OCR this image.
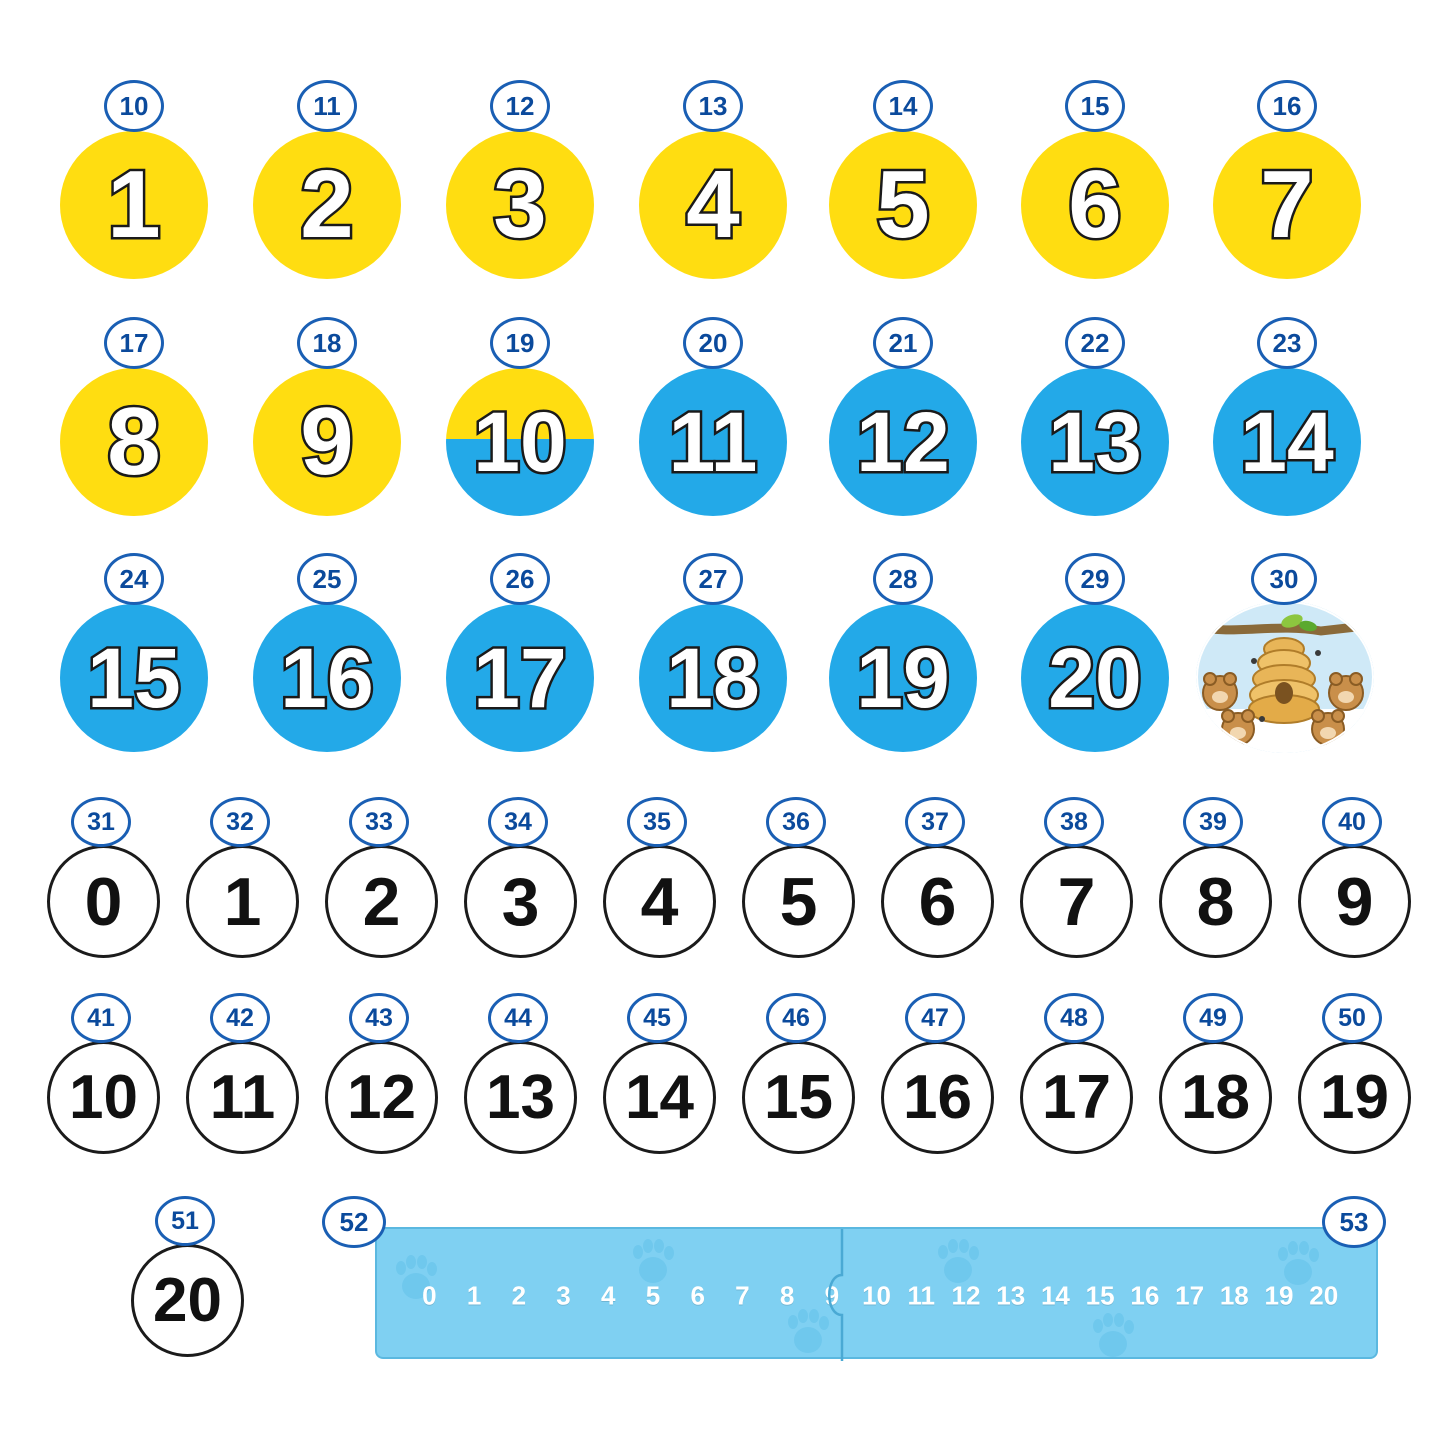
1
10
2
11
3
12
4
13
5
14
6
15
7
16
8
17
9
18
10
19
11
20
12
21
13
22
14
23
15
24
16
25
17
26
18
27
19
28
20
29	30
0
31
1
32
2
33
3
34
4
35
5
36
6
37
7
38
8
39
9
40
10
41
11
42
12
43
13
44
14
45
15
46
16
47
17
48
18
49
19
50
20
51
0	1	2	3	4	5	6	7	8	9 10 11 12 13 14 15 16 17 18 19 20
52	53
